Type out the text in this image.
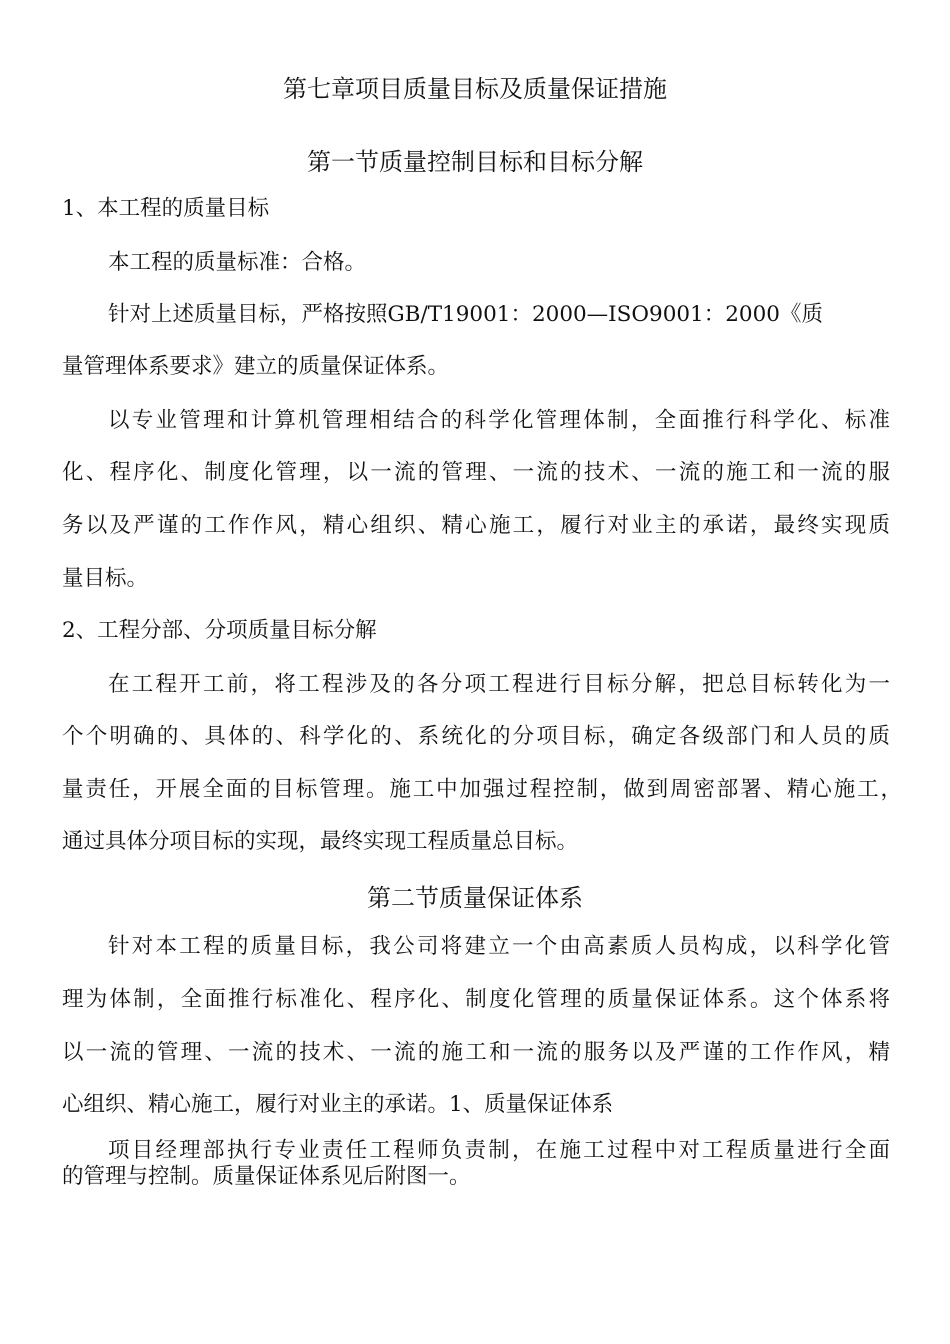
第七章项目质量目标及质量保证措施
第一节质量控制目标和目标分解
1、本工程的质量目标
本工程的质量标准：合格。
针对上述质量目标，严格按照GB/T19001：2000—ISO9001：2000《质
量管理体系要求》建立的质量保证体系。
以专业管理和计算机管理相结合的科学化管理体制，全面推行科学化、标准
化、程序化、制度化管理，以一流的管理、一流的技术、一流的施工和一流的服
务以及严谨的工作作风，精心组织、精心施工，履行对业主的承诺，最终实现质
量目标。
2、工程分部、分项质量目标分解
在工程开工前，将工程涉及的各分项工程进行目标分解，把总目标转化为一
个个明确的、具体的、科学化的、系统化的分项目标，确定各级部门和人员的质
量责任，开展全面的目标管理。施工中加强过程控制，做到周密部署、精心施工，
通过具体分项目标的实现，最终实现工程质量总目标。
第二节质量保证体系
针对本工程的质量目标，我公司将建立一个由高素质人员构成，以科学化管
理为体制，全面推行标准化、程序化、制度化管理的质量保证体系。这个体系将
以一流的管理、一流的技术、一流的施工和一流的服务以及严谨的工作作风，精
心组织、精心施工，履行对业主的承诺。1、质量保证体系
项目经理部执行专业责任工程师负责制，在施工过程中对工程质量进行全面
的管理与控制。质量保证体系见后附图一。
